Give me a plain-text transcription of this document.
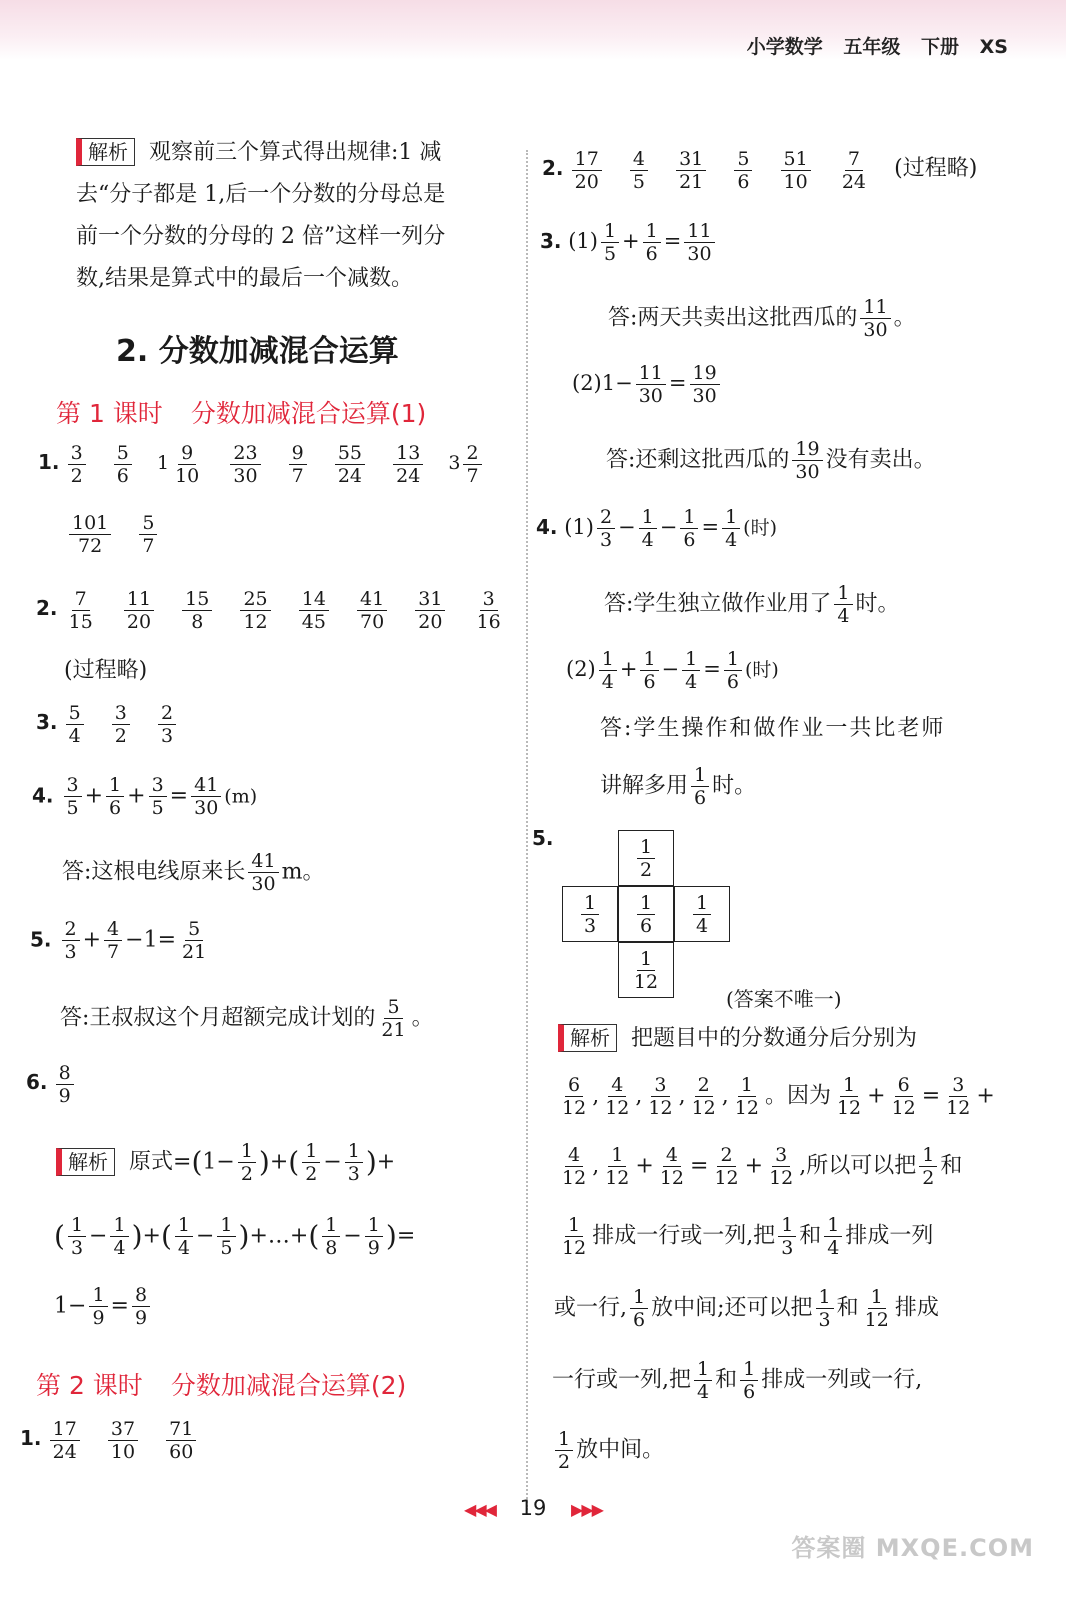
小学数学 五年级 下册 XS
解析 观察前三个算式得出规律:1 减
去“分子都是 1,后一个分数的分母总是
前一个分数的分母的 2 倍”这样一列分
数,结果是算式中的最后一个减数。
2. 分数加减混合运算
第 1 课时 分数加减混合运算(1)
1. $\frac{3}{2}$
$\frac{5}{6} 1 \frac{9}{10}$
$\frac{23}{30}$
$\frac{9}{7}$
$\frac{55}{24}$
$\frac{13}{24} 3 \frac{2}{7}$
$\frac{101}{72}$
$\frac{5}{7}$
2. $\frac{7}{15}$
$\frac{11}{20}$
$\frac{15}{8}$
$\frac{25}{12}$
$\frac{14}{45}$
$\frac{41}{70}$
$\frac{31}{20}$
$\frac{3}{16}$
(过程略)
3. $\frac{5}{4}$
$\frac{3}{2}$
$\frac{2}{3}$
4. $\frac{3}{5} + \frac{1}{6} + \frac{3}{5} = \frac{41}{30} (m)$
答:这根电线原来长 $\frac{41}{30}$ m。
5. $\frac{2}{3} + \frac{4}{7} -1= \frac{5}{21}$
答:王叔叔这个月超额完成计划的 $\frac{5}{21}$ 。
6. $\frac{8}{9}$
解析 原式$=(1- \frac{1}{2}$ )+( $\frac{1}{2} - \frac{1}{3}$ )+
( $\frac{1}{3} - \frac{1}{4}$ )+( $\frac{1}{4} - \frac{1}{5}$ )+…+( $\frac{1}{8} - \frac{1}{9}$ )=
$1- \frac{1}{9} = \frac{8}{9}$
第 2 课时 分数加减混合运算(2)
1. $\frac{17}{24}$
$\frac{37}{10}$
$\frac{71}{60}$
2. $\frac{17}{20}$
$\frac{4}{5}$
$\frac{31}{21}$
$\frac{5}{6}$
$\frac{51}{10}$
$\frac{7}{24}$ (过程略)
3. $(1) \frac{1}{5} + \frac{1}{6} = \frac{11}{30}$
答:两天共卖出这批西瓜的 $\frac{11}{30}$ 。
$(2)1- \frac{11}{30} = \frac{19}{30}$
答:还剩这批西瓜的 $\frac{19}{30}$ 没有卖出。
4. $(1) \frac{2}{3} - \frac{1}{4} - \frac{1}{6} = \frac{1}{4}$ (时)
答:学生独立做作业用了 $\frac{1}{4}$ 时。
$(2) \frac{1}{4} + \frac{1}{6} - \frac{1}{4} = \frac{1}{6}$ (时)
答:学生操作和做作业一共比老师
讲解多用 $\frac{1}{6}$ 时。
5.	$\frac{1}{2}$
$\frac{1}{3} \frac{1}{6} \frac{1}{4}$
$\frac{1}{12}$
(答案不唯一)
解析 把题目中的分数通分后分别为
$\frac{6}{12}$ , $\frac{4}{12}$ , $\frac{3}{12}$ , $\frac{2}{12}$ , $\frac{1}{12}$ 。因为 $\frac{1}{12} + \frac{6}{12} = \frac{3}{12}$ +
$\frac{4}{12}$ , $\frac{1}{12} + \frac{4}{12} = \frac{2}{12} + \frac{3}{12}$ ,所以可以把 $\frac{1}{2}$ 和
$\frac{1}{12}$ 排成一行或一列,把 $\frac{1}{3}$ 和 $\frac{1}{4}$ 排成一列
或一行, $\frac{1}{6}$ 放中间;还可以把 $\frac{1}{3}$ 和 $\frac{1}{12}$ 排成
一行或一列,把 $\frac{1}{4}$ 和 $\frac{1}{6}$ 排成一列或一行,
$\frac{1}{2}$ 放中间。
◀◀◀ 19 ▶▶▶
答案圈 MXQE.COM
